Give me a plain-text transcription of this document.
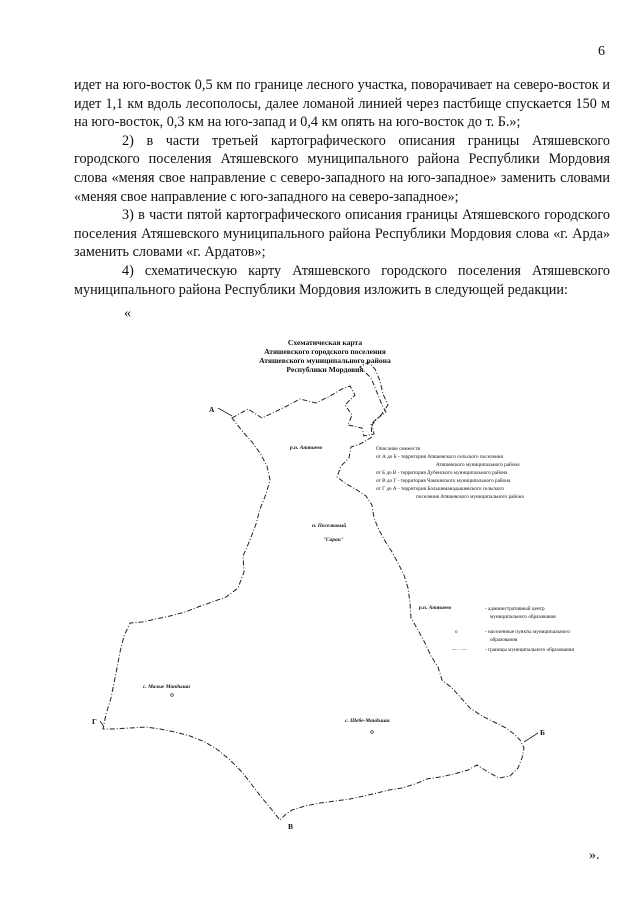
6

идет на юго-восток 0,5 км по границе лесного участка, поворачивает на северо-восток и идет 1,1 км вдоль лесополосы, далее ломаной линией через пастбище спускается 150 м на юго-восток, 0,3 км на юго-запад и 0,4 км опять на юго-восток до т. Б.»;

2) в части третьей картографического описания границы Атяшевского городского поселения Атяшевского муниципального района Республики Мордовия слова «меняя свое направление с северо-западного на юго-западное» заменить словами «меняя свое направление с юго-западного на северо-западное»;

3) в части пятой картографического описания границы Атяшевского городского поселения Атяшевского муниципального района Республики Мордовия слова «г. Арда» заменить словами «г. Ардатов»;

4) схематическую карту Атяшевского городского поселения Атяшевского муниципального района Республики Мордовия изложить в следующей редакции:

«
Схематическая карта
Атяшевского городского поселения
Атяшевского муниципального района
Республики Мордовия
А
Б
В
Г
р.п. Атяшево
п. Поселковый
"Сараи"
р.п. Атяшево
с. Малые Мандыши
с. Шебе-Мандыши
Описание смежеств
от А до Б - территория Атяшевского сельского поселения
Атяшевского муниципального района
от Б до В - территория Дубенского муниципального района
от В до Г - территория Чамзинского муниципального района
от Г до А - территория Большеманадышевского сельского
поселения Атяшевского муниципального района
- административный центр
муниципального образования
о	- населенные пункты муниципального
образования
— · —	- границы муниципального образования
».
